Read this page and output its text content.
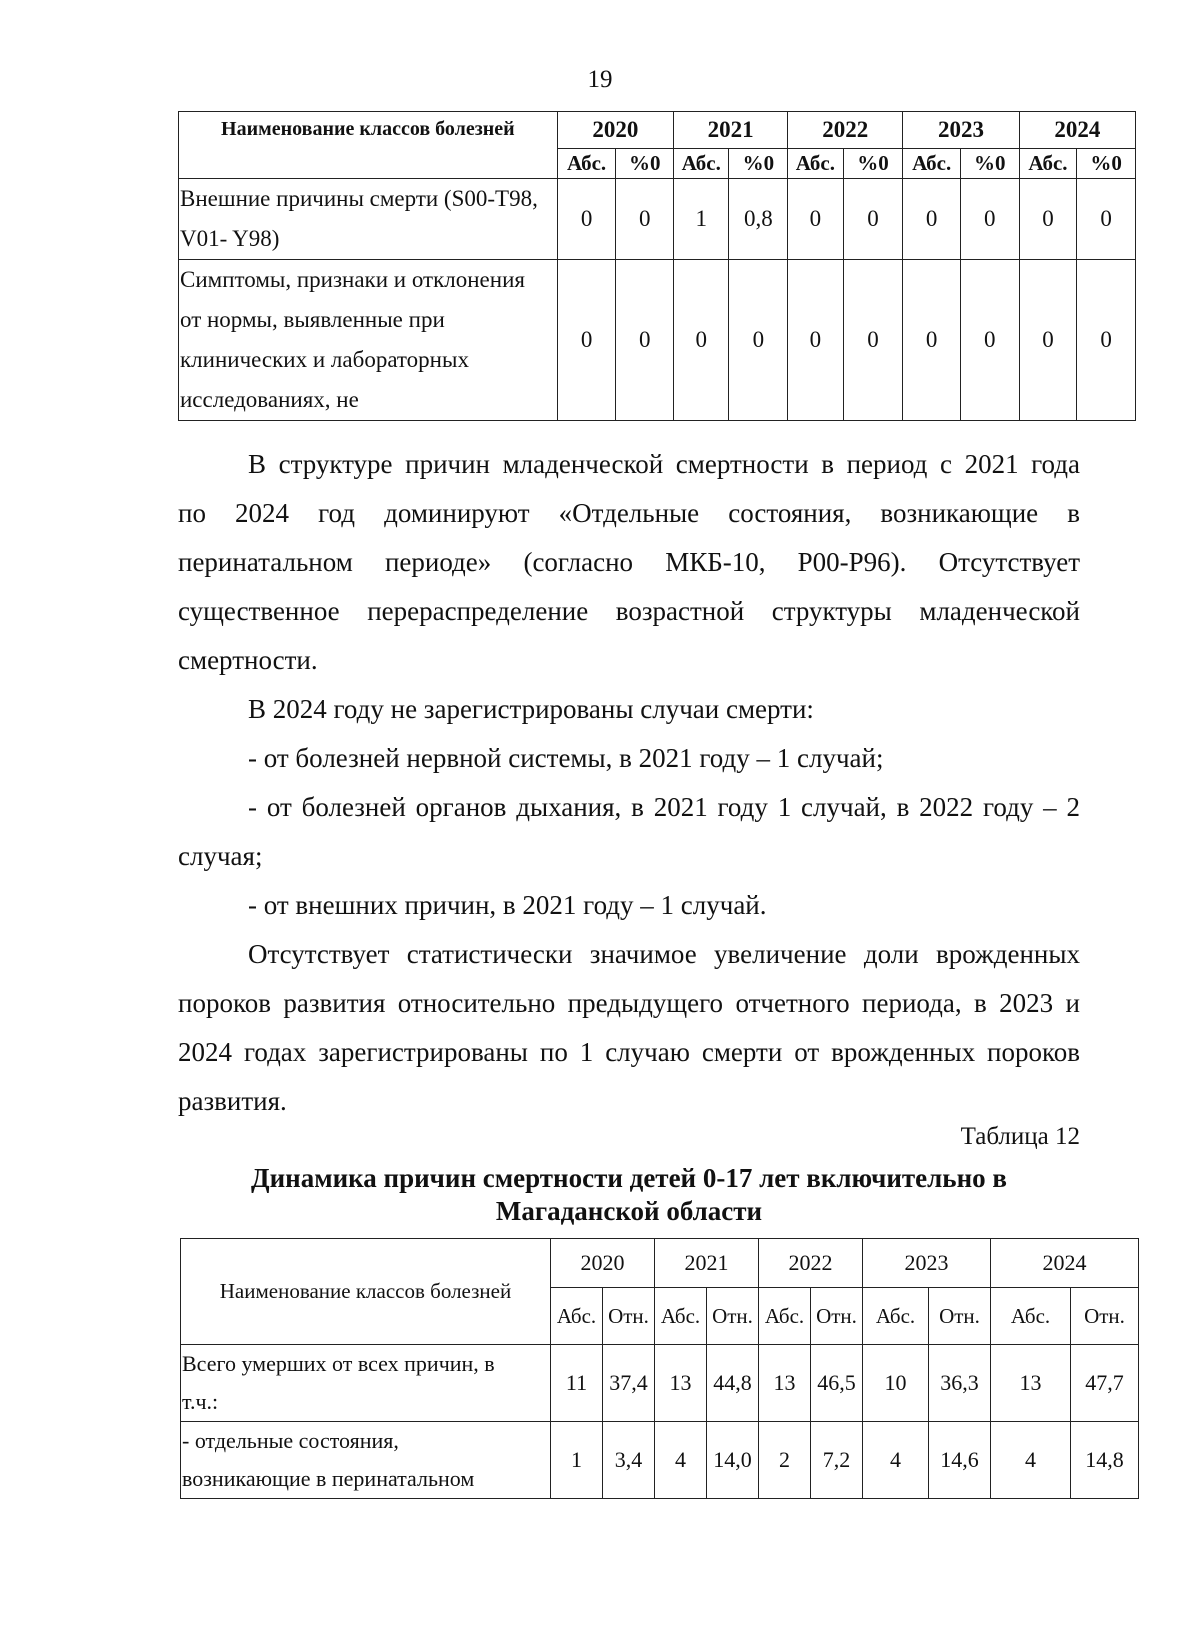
19
Наименование классов болезней	2020		2021		2022		2023		2024	
	Абс.	%0	Абс.	%0	Абс.	%0	Абс.	%0	Абс.	%0

Внешние причины смерти (S00-T98,
V01- Y98)	0	0	1	0,8	0	0	0	0	0	0

Симптомы, признаки и отклонения
от нормы, выявленные при
клинических и лабораторных
исследованиях, не	0	0	0	0	0	0	0	0	0	0
В структуре причин младенческой смертности в период с 2021 года
по 2024 год доминируют «Отдельные состояния, возникающие в
перинатальном периоде» (согласно МКБ-10, Р00-Р96). Отсутствует
существенное перераспределение возрастной структуры младенческой
смертности.
В 2024 году не зарегистрированы случаи смерти:
- от болезней нервной системы, в 2021 году – 1 случай;
- от болезней органов дыхания, в 2021 году 1 случай, в 2022 году – 2
случая;
- от внешних причин, в 2021 году – 1 случай.
Отсутствует статистически значимое увеличение доли врожденных
пороков развития относительно предыдущего отчетного периода, в 2023 и
2024 годах зарегистрированы по 1 случаю смерти от врожденных пороков
развития.
Таблица 12
Динамика причин смертности детей 0-17 лет включительно в
Магаданской области
Наименование классов болезней	2020		2021		2022		2023		2024	
	Абс.	Отн.	Абс.	Отн.	Абс.	Отн.	Абс.	Отн.	Абс.	Отн.

Всего умерших от всех причин, в
т.ч.:	11	37,4	13	44,8	13	46,5	10	36,3	13	47,7

- отдельные состояния,
возникающие в перинатальном	1	3,4	4	14,0	2	7,2	4	14,6	4	14,8
